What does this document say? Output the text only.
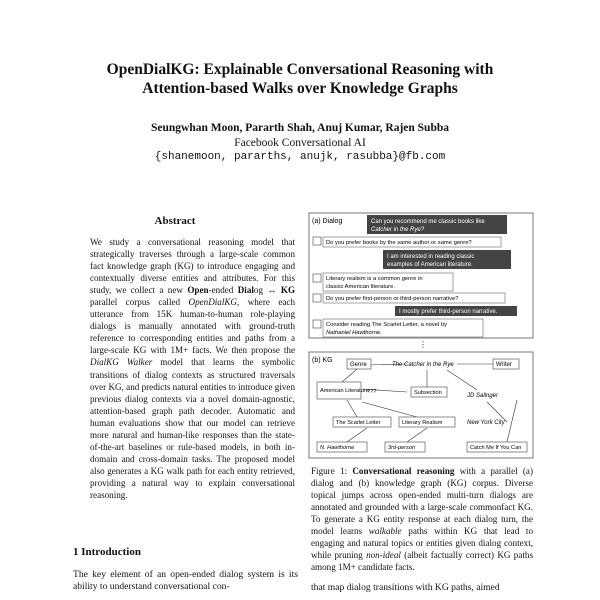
OpenDialKG: Explainable Conversational Reasoning with
Attention-based Walks over Knowledge Graphs
Seungwhan Moon, Pararth Shah, Anuj Kumar, Rajen Subba
Facebook Conversational AI
{shanemoon, pararths, anujk, rasubba}@fb.com
Abstract
We study a conversational reasoning model that strategically traverses through a large-scale common fact knowledge graph (KG) to introduce engaging and contextually diverse entities and attributes. For this study, we collect a new Open-ended Dialog ↔ KG parallel corpus called OpenDialKG, where each utterance from 15K human-to-human role-playing dialogs is manually annotated with ground-truth reference to corresponding entities and paths from a large-scale KG with 1M+ facts. We then propose the DialKG Walker model that learns the symbolic transitions of dialog contexts as structured traversals over KG, and predicts natural entities to introduce given previous dialog contexts via a novel domain-agnostic, attention-based graph path decoder. Automatic and human evaluations show that our model can retrieve more natural and human-like responses than the state-of-the-art baselines or rule-based models, in both in-domain and cross-domain tasks. The proposed model also generates a KG walk path for each entity retrieved, providing a natural way to explain conversational reasoning.
1 Introduction
The key element of an open-ended dialog system is its ability to understand conversational con-
(a) Dialog	Can you recommend me classic books like
Catcher in the Rye?
Do you prefer books by the same author or same genre?
I am interested in reading classic
examples of American literature.
Literary realism is a common genre in
classic American literature.
Do you prefer first-person or third-person narrative?
I mostly prefer third-person narrative.
Consider reading The Scarlet Letter, a novel by
Nathaniel Hawthorne.
⋮
(b) KG
Genre	The Catcher in the Rye	Writer
American Literature	Subsection
???
JD Salinger
The Scarlet Letter	Literary Realism	New York City
N. Hawthorne	3rd-person	Catch Me If You Can
Figure 1: Conversational reasoning with a parallel (a) dialog and (b) knowledge graph (KG) corpus. Diverse topical jumps across open-ended multi-turn dialogs are annotated and grounded with a large-scale commonfact KG. To generate a KG entity response at each dialog turn, the model learns walkable paths within KG that lead to engaging and natural topics or entities given dialog context, while pruning non-ideal (albeit factually correct) KG paths among 1M+ candidate facts.
that map dialog transitions with KG paths, aimed
